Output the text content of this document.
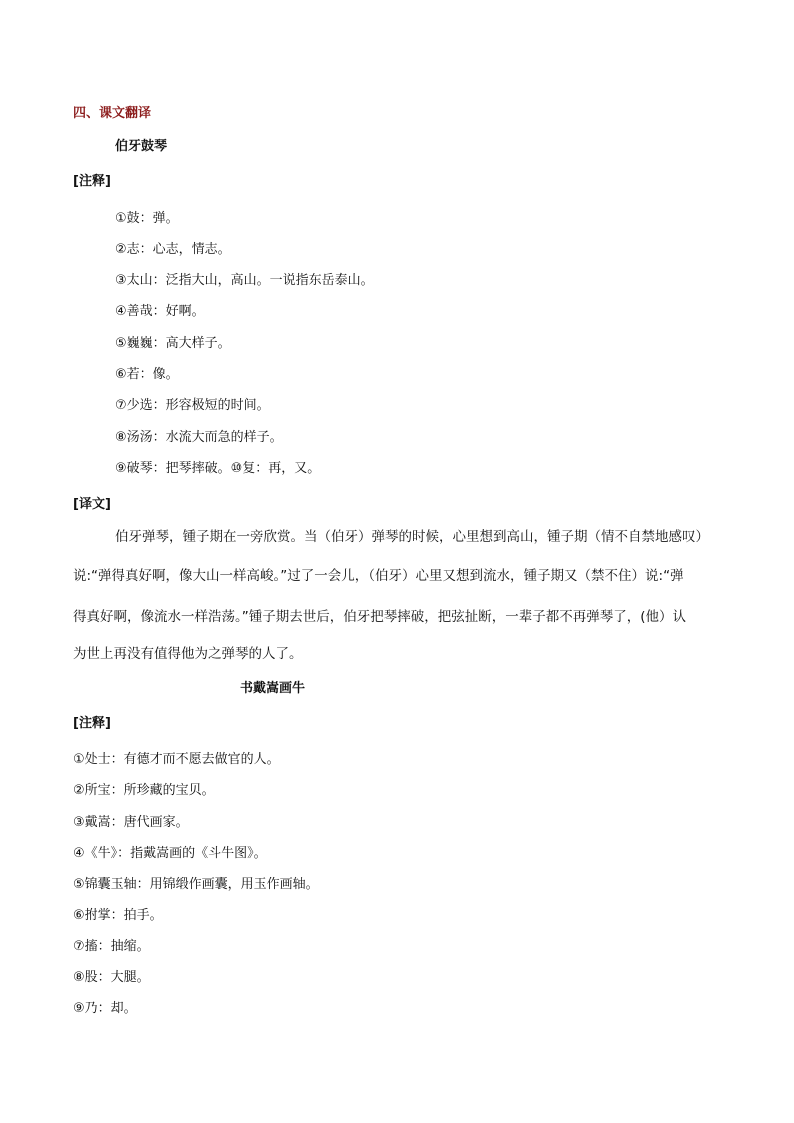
四、课文翻译
伯牙鼓琴
[注释]
①鼓：弹。
②志：心志，情志。
③太山：泛指大山，高山。一说指东岳泰山。
④善哉：好啊。
⑤巍巍：高大样子。
⑥若：像。
⑦少选：形容极短的时间。
⑧汤汤：水流大而急的样子。
⑨破琴：把琴摔破。⑩复：再，又。
[译文]
伯牙弹琴，锺子期在一旁欣赏。当（伯牙）弹琴的时候，心里想到高山，锺子期（情不自禁地感叹）
说:“弹得真好啊，像大山一样高峻。”过了一会儿，（伯牙）心里又想到流水，锺子期又（禁不住）说:“弹
得真好啊，像流水一样浩荡。”锺子期去世后，伯牙把琴摔破，把弦扯断，一辈子都不再弹琴了，(他）认
为世上再没有值得他为之弹琴的人了。
书戴嵩画牛
[注释]
①处士：有德才而不愿去做官的人。
②所宝：所珍藏的宝贝。
③戴嵩：唐代画家。
④《牛》：指戴嵩画的《斗牛图》。
⑤锦囊玉轴：用锦缎作画囊，用玉作画轴。
⑥拊掌：拍手。
⑦搐：抽缩。
⑧股：大腿。
⑨乃：却。
